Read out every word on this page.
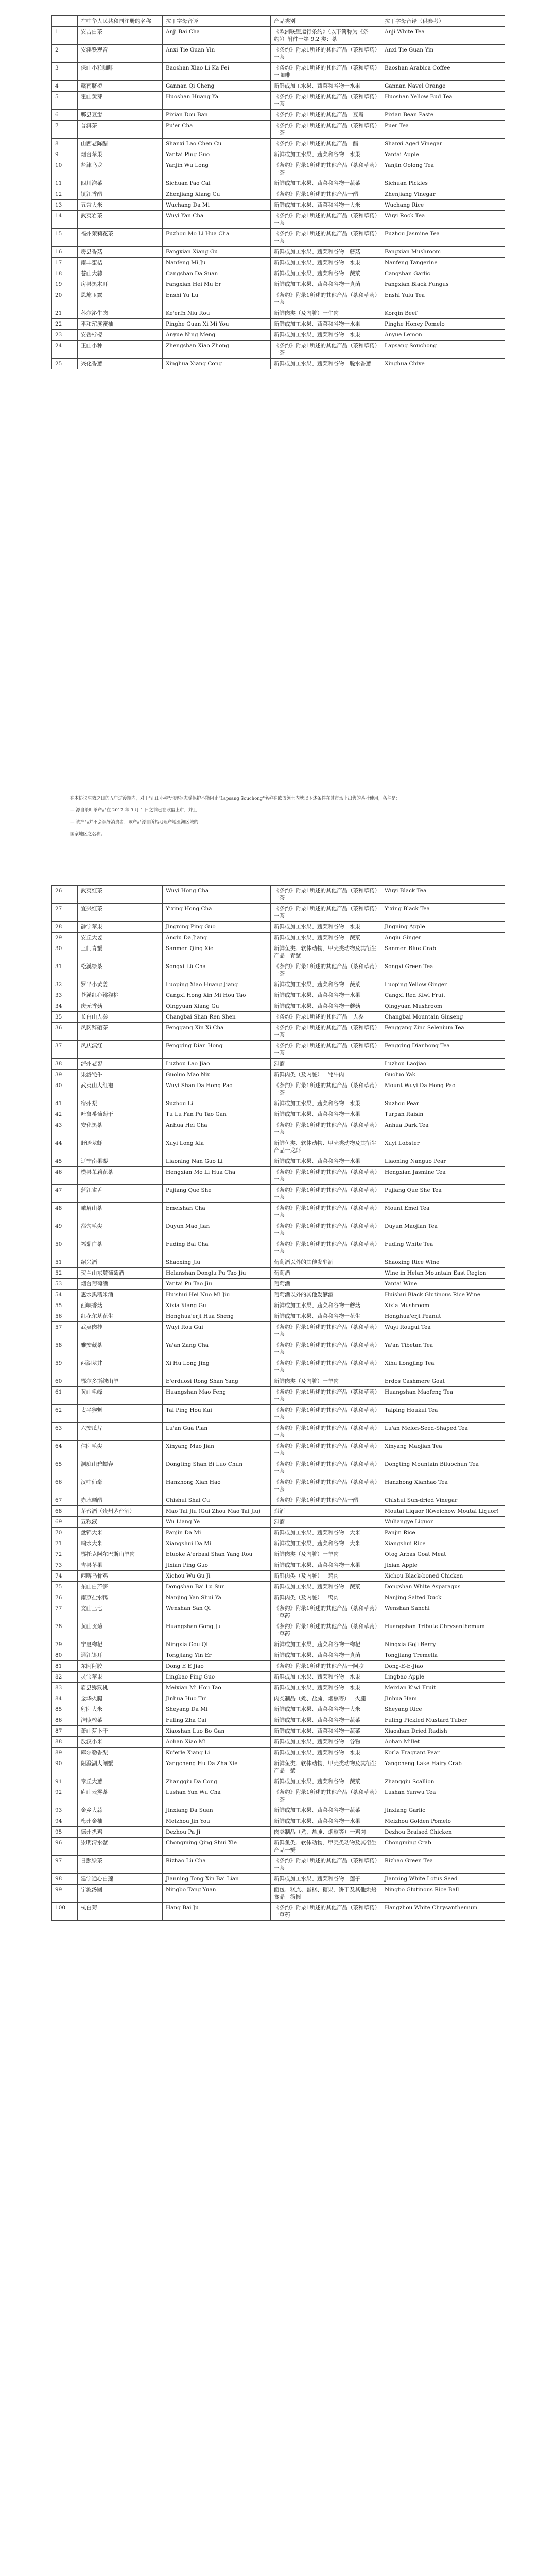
	在中华人民共和国注册的名称	拉丁字母音译	产品类别	拉丁字母音译（供参考）
1	安吉白茶	Anji Bai Cha	《欧洲联盟运行条约》（以下简称为《条约》）附件一第 9.2 类：茶	Anji White Tea
2	安溪铁观音	Anxi Tie Guan Yin	《条约》附录1所述的其他产品（茶和草药）一茶	Anxi Tie Guan Yin
3	保山小粒咖啡	Baoshan Xiao Li Ka Fei	《条约》附录1所述的其他产品（茶和草药）一咖啡	Baoshan Arabica Coffee
4	赣南脐橙	Gannan Qi Cheng	新鲜或加工水果、蔬菜和谷物一水果	Gannan Navel Orange
5	霍山黄芽	Huoshan Huang Ya	《条约》附录1所述的其他产品（茶和草药）一茶	Huoshan Yellow Bud Tea
6	郫县豆瓣	Pixian Dou Ban	《条约》附录1所述的其他产品一豆瓣	Pixian Bean Paste
7	普洱茶	Pu'er Cha	《条约》附录1所述的其他产品（茶和草药）一茶	Puer Tea
8	山西老陈醋	Shanxi Lao Chen Cu	《条约》附录1所述的其他产品一醋	Shanxi Aged Vinegar
9	烟台苹果	Yantai Ping Guo	新鲜或加工水果、蔬菜和谷物一水果	Yantai Apple
10	盐津乌龙	Yanjin Wu Long	《条约》附录1所述的其他产品（茶和草药）一茶	Yanjin Oolong Tea
11	四川泡菜	Sichuan Pao Cai	新鲜或加工水果、蔬菜和谷物一蔬菜	Sichuan Pickles
12	镇江香醋	Zhenjiang Xiang Cu	《条约》附录1所述的其他产品一醋	Zhenjiang Vinegar
13	五常大米	Wuchang Da Mi	新鲜或加工水果、蔬菜和谷物一大米	Wuchang Rice
14	武夷岩茶	Wuyi Yan Cha	《条约》附录1所述的其他产品（茶和草药）一茶	Wuyi Rock Tea
15	福州茉莉花茶	Fuzhou Mo Li Hua Cha	《条约》附录1所述的其他产品（茶和草药）一茶	Fuzhou Jasmine Tea
16	房县香菇	Fangxian Xiang Gu	新鲜或加工水果、蔬菜和谷物一蘑菇	Fangxian Mushroom
17	南丰蜜桔	Nanfeng Mi Ju	新鲜或加工水果、蔬菜和谷物一水果	Nanfeng Tangerine
18	苍山大蒜	Cangshan Da Suan	新鲜或加工水果、蔬菜和谷物一蔬菜	Cangshan Garlic
19	房县黑木耳	Fangxian Hei Mu Er	新鲜或加工水果、蔬菜和谷物一真菌	Fangxian Black Fungus
20	恩施玉露	Enshi Yu Lu	《条约》附录1所述的其他产品（茶和草药）一茶	Enshi Yulu Tea
21	科尔沁牛肉	Ke'erfn Niu Rou	新鲜肉类（及内脏）一牛肉	Korqin Beef
22	平和琯溪蜜柚	Pinghe Guan Xi Mi You	新鲜或加工水果、蔬菜和谷物一水果	Pinghe Honey Pomelo
23	安岳柠檬	Anyue Ning Meng	新鲜或加工水果、蔬菜和谷物一水果	Anyue Lemon
24	正山小种	Zhengshan Xiao Zhong	《条约》附录1所述的其他产品（茶和草药）一茶	Lapsang Souchong
25	兴化香葱	Xinghua Xiang Cong	新鲜或加工水果、蔬菜和谷物一脱水香葱	Xinghua Chive
在本协议生效之日的五年过渡期内，对于"正山小种"地理标志受保护不能阻止"Lapsang Souchong"名称在欧盟领土内就以下述条件在其市场上出售的茶叶使用，条件是：
— 源自茶叶茶产品在 2017 年 9 月 1 日之前已在欧盟上市，并且
— 该产品并不会误导消费者，该产品源自所指地理产地亚洲区域的
国家地区之名称。
26	武夷红茶	Wuyi Hong Cha	《条约》附录1所述的其他产品（茶和草药）一茶	Wuyi Black Tea
27	宜兴红茶	Yixing Hong Cha	《条约》附录1所述的其他产品（茶和草药）一茶	Yixing Black Tea
28	静宁苹果	Jingning Ping Guo	新鲜或加工水果、蔬菜和谷物一水果	Jingning Apple
29	安丘大姜	Anqiu Da Jiang	新鲜或加工水果、蔬菜和谷物一蔬菜	Anqiu Ginger
30	三门青蟹	Sanmen Qing Xie	新鲜鱼类、软体动物、甲壳类动物及其衍生产品一青蟹	Sanmen Blue Crab
31	松溪绿茶	Songxi Lü Cha	《条约》附录1所述的其他产品（茶和草药）一茶	Songxi Green Tea
32	罗平小黄姜	Luoping Xiao Huang Jiang	新鲜或加工水果、蔬菜和谷物一蔬菜	Luoping Yellow Ginger
33	苍溪红心猕猴桃	Cangxi Hong Xin Mi Hou Tao	新鲜或加工水果、蔬菜和谷物一水果	Cangxi Red Kiwi Fruit
34	庆元香菇	Qingyuan Xiang Gu	新鲜或加工水果、蔬菜和谷物一蘑菇	Qingyuan Mushroom
35	长白山人参	Changbai Shan Ren Shen	《条约》附录1所述的其他产品一人参	Changbai Mountain Ginseng
36	凤冈锌硒茶	Fenggang Xin Xi Cha	《条约》附录1所述的其他产品（茶和草药）一茶	Fenggang Zinc Selenium Tea
37	凤庆滇红	Fengqing Dian Hong	《条约》附录1所述的其他产品（茶和草药）一茶	Fengqing Dianhong Tea
38	泸州老窖	Luzhou Lao Jiao	烈酒	Luzhou Laojiao
39	果洛牦牛	Guoluo Mao Niu	新鲜肉类（及内脏）一牦牛肉	Guoluo Yak
40	武夷山大红袍	Wuyi Shan Da Hong Pao	《条约》附录1所述的其他产品（茶和草药）一茶	Mount Wuyi Da Hong Pao
41	宿州梨	Suzhou Li	新鲜或加工水果、蔬菜和谷物一水果	Suzhou Pear
42	吐鲁番葡萄干	Tu Lu Fan Pu Tao Gan	新鲜或加工水果、蔬菜和谷物一水果	Turpan Raisin
43	安化黑茶	Anhua Hei Cha	《条约》附录1所述的其他产品（茶和草药）一茶	Anhua Dark Tea
44	盱眙龙虾	Xuyi Long Xia	新鲜鱼类、软体动物、甲壳类动物及其衍生产品一龙虾	Xuyi Lobster
45	辽宁南果梨	Liaoning Nan Guo Li	新鲜或加工水果、蔬菜和谷物一水果	Liaoning Nanguo Pear
46	横县茉莉花茶	Hengxian Mo Li Hua Cha	《条约》附录1所述的其他产品（茶和草药）一茶	Hengxian Jasmine Tea
47	蒲江雀舌	Pujiang Que She	《条约》附录1所述的其他产品（茶和草药）一茶	Pujiang Que She Tea
48	峨眉山茶	Emeishan Cha	《条约》附录1所述的其他产品（茶和草药）一茶	Mount Emei Tea
49	都匀毛尖	Duyun Mao Jian	《条约》附录1所述的其他产品（茶和草药）一茶	Duyun Maojian Tea
50	福鼎白茶	Fuding Bai Cha	《条约》附录1所述的其他产品（茶和草药）一茶	Fuding White Tea
51	绍兴酒	Shaoxing Jiu	葡萄酒以外的其他发酵酒	Shaoxing Rice Wine
52	贺兰山东麓葡萄酒	Helanshan Donglu Pu Tao Jiu	葡萄酒	Wine in Helan Mountain East Region
53	烟台葡萄酒	Yantai Pu Tao Jiu	葡萄酒	Yantai Wine
54	惠水黑糯米酒	Huishui Hei Nuo Mi Jiu	葡萄酒以外的其他发酵酒	Huishui Black Glutinous Rice Wine
55	西峡香菇	Xixia Xiang Gu	新鲜或加工水果、蔬菜和谷物一蘑菇	Xixia Mushroom
56	红花尔基花生	Honghua'erji Hua Sheng	新鲜或加工水果、蔬菜和谷物一花生	Honghua'erji Peanut
57	武夷肉桂	Wuyi Rou Gui	《条约》附录1所述的其他产品（茶和草药）一茶	Wuyi Rougui Tea
58	雅安藏茶	Ya'an Zang Cha	《条约》附录1所述的其他产品（茶和草药）一茶	Ya'an Tibetan Tea
59	西湖龙井	Xi Hu Long Jing	《条约》附录1所述的其他产品（茶和草药）一茶	Xihu Longjing Tea
60	鄂尔多斯绒山羊	E'erduosi Rong Shan Yang	新鲜肉类（及内脏）一羊肉	Erdos Cashmere Goat
61	黄山毛峰	Huangshan Mao Feng	《条约》附录1所述的其他产品（茶和草药）一茶	Huangshan Maofeng Tea
62	太平猴魁	Tai Ping Hou Kui	《条约》附录1所述的其他产品（茶和草药）一茶	Taiping Houkui Tea
63	六安瓜片	Lu'an Gua Pian	《条约》附录1所述的其他产品（茶和草药）一茶	Lu'an Melon-Seed-Shaped Tea
64	信阳毛尖	Xinyang Mao Jian	《条约》附录1所述的其他产品（茶和草药）一茶	Xinyang Maojian Tea
65	洞庭山碧螺春	Dongting Shan Bi Luo Chun	《条约》附录1所述的其他产品（茶和草药）一茶	Dongting Mountain Biluochun Tea
66	汉中仙毫	Hanzhong Xian Hao	《条约》附录1所述的其他产品（茶和草药）一茶	Hanzhong Xianhao Tea
67	赤水晒醋	Chishui Shai Cu	《条约》附录1所述的其他产品一醋	Chishui Sun-dried Vinegar
68	茅台酒（贵州茅台酒）	Mao Tai Jiu (Gui Zhou Mao Tai Jiu)	烈酒	Moutai Liquor (Kweichow Moutai Liquor)
69	五粮液	Wu Liang Ye	烈酒	Wuliangye Liquor
70	盘锦大米	Panjin Da Mi	新鲜或加工水果、蔬菜和谷物一大米	Panjin Rice
71	响水大米	Xiangshui Da Mi	新鲜或加工水果、蔬菜和谷物一大米	Xiangshui Rice
72	鄂托克阿尔巴斯山羊肉	Etuoke A'erbasi Shan Yang Rou	新鲜肉类（及内脏）一羊肉	Otog Arbas Goat Meat
73	吉县苹果	Jixian Ping Guo	新鲜或加工水果、蔬菜和谷物一水果	Jixian Apple
74	西畴乌骨鸡	Xichou Wu Gu Ji	新鲜肉类（及内脏）一鸡肉	Xichou Black-boned Chicken
75	东山白芦笋	Dongshan Bai Lu Sun	新鲜或加工水果、蔬菜和谷物一蔬菜	Dongshan White Asparagus
76	南京盐水鸭	Nanjing Yan Shui Ya	新鲜肉类（及内脏）一鸭肉	Nanjing Salted Duck
77	文山三七	Wenshan San Qi	《条约》附录1所述的其他产品（茶和草药）一草药	Wenshan Sanchi
78	黄山贡菊	Huangshan Gong Ju	《条约》附录1所述的其他产品（茶和草药）一草药	Huangshan Tribute Chrysanthemum
79	宁夏枸杞	Ningxia Gou Qi	新鲜或加工水果、蔬菜和谷物一枸杞	Ningxia Goji Berry
80	通江银耳	Tongjiang Yin Er	新鲜或加工水果、蔬菜和谷物一真菌	Tongjiang Tremella
81	东阿阿胶	Dong E E Jiao	《条约》附录1所述的其他产品一阿胶	Dong-E-E-Jiao
82	灵宝苹果	Lingbao Ping Guo	新鲜或加工水果、蔬菜和谷物一水果	Lingbao Apple
83	眉县猕猴桃	Meixian Mi Hou Tao	新鲜或加工水果、蔬菜和谷物一水果	Meixian Kiwi Fruit
84	金华火腿	Jinhua Huo Tui	肉类制品（煮、盐腌、烟熏等）一火腿	Jinhua Ham
85	射阳大米	Sheyang Da Mi	新鲜或加工水果、蔬菜和谷物一大米	Sheyang Rice
86	涪陵榨菜	Fuling Zha Cai	新鲜或加工水果、蔬菜和谷物一蔬菜	Fuling Pickled Mustard Tuber
87	萧山萝卜干	Xiaoshan Luo Bo Gan	新鲜或加工水果、蔬菜和谷物一蔬菜	Xiaoshan Dried Radish
88	敖汉小米	Aohan Xiao Mi	新鲜或加工水果、蔬菜和谷物一谷物	Aohan Millet
89	库尔勒香梨	Ku'erle Xiang Li	新鲜或加工水果、蔬菜和谷物一水果	Korla Fragrant Pear
90	阳澄湖大闸蟹	Yangcheng Hu Da Zha Xie	新鲜鱼类、软体动物、甲壳类动物及其衍生产品一蟹	Yangcheng Lake Hairy Crab
91	章丘大葱	Zhangqiu Da Cong	新鲜或加工水果、蔬菜和谷物一蔬菜	Zhangqiu Scallion
92	庐山云雾茶	Lushan Yun Wu Cha	《条约》附录1所述的其他产品（茶和草药）一茶	Lushan Yunwu Tea
93	金乡大蒜	Jinxiang Da Suan	新鲜或加工水果、蔬菜和谷物一蔬菜	Jinxiang Garlic
94	梅州金柚	Meizhou Jin You	新鲜或加工水果、蔬菜和谷物一水果	Meizhou Golden Pomelo
95	德州扒鸡	Dezhou Pa Ji	肉类制品（煮、盐腌、烟熏等）一鸡肉	Dezhou Braised Chicken
96	崇明清水蟹	Chongming Qing Shui Xie	新鲜鱼类、软体动物、甲壳类动物及其衍生产品一蟹	Chongming Crab
97	日照绿茶	Rizhao Lü Cha	《条约》附录1所述的其他产品（茶和草药）一茶	Rizhao Green Tea
98	建宁通心白莲	Jianning Tong Xin Bai Lian	新鲜或加工水果、蔬菜和谷物一莲子	Jianning White Lotus Seed
99	宁波汤圆	Ningbo Tang Yuan	面包、糕点、蛋糕、糖果、饼干及其他烘焙食品一汤圆	Ningbo Glutinous Rice Ball
100	杭白菊	Hang Bai Ju	《条约》附录1所述的其他产品（茶和草药）一草药	Hangzhou White Chrysanthemum
